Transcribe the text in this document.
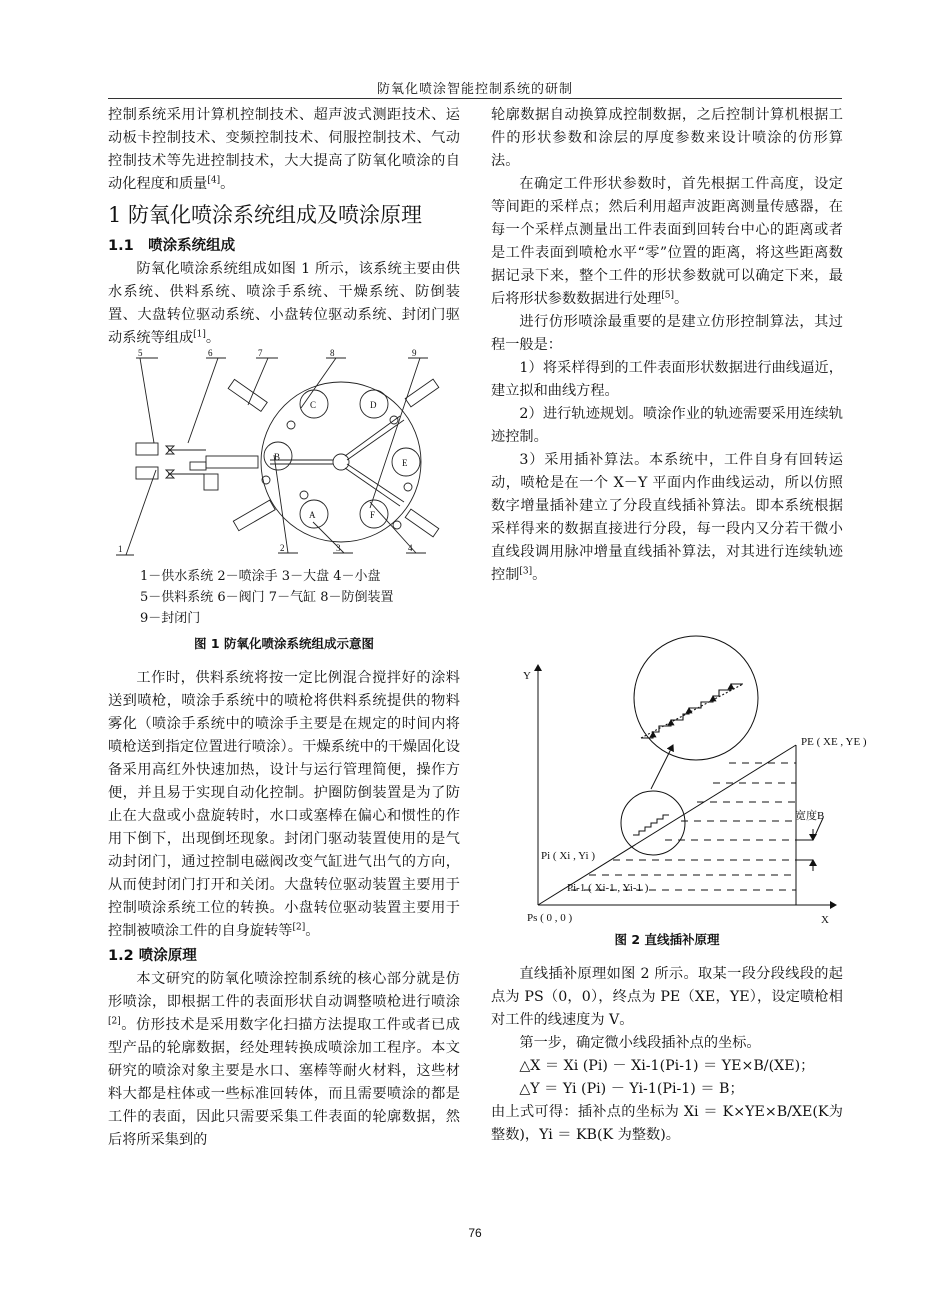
防氧化喷涂智能控制系统的研制

控制系统采用计算机控制技术、超声波式测距技术、运动板卡控制技术、变频控制技术、伺服控制技术、气动控制技术等先进控制技术，大大提高了防氧化喷涂的自动化程度和质量[4]。

1 防氧化喷涂系统组成及喷涂原理
1.1　喷涂系统组成

防氧化喷涂系统组成如图 1 所示，该系统主要由供水系统、供料系统、喷涂手系统、干燥系统、防倒装置、大盘转位驱动系统、小盘转位驱动系统、封闭门驱动系统等组成[1]。

5	6	7	8	9
1	2	3	4
A
B
C	D
E
F
1－供水系统 2－喷涂手 3－大盘 4－小盘
5－供料系统 6－阀门 7－气缸 8－防倒装置
9－封闭门
图 1 防氧化喷涂系统组成示意图

工作时，供料系统将按一定比例混合搅拌好的涂料送到喷枪，喷涂手系统中的喷枪将供料系统提供的物料雾化（喷涂手系统中的喷涂手主要是在规定的时间内将喷枪送到指定位置进行喷涂）。干燥系统中的干燥固化设备采用高红外快速加热，设计与运行管理简便，操作方便，并且易于实现自动化控制。护圈防倒装置是为了防止在大盘或小盘旋转时，水口或塞棒在偏心和惯性的作用下倒下，出现倒坯现象。封闭门驱动装置使用的是气动封闭门，通过控制电磁阀改变气缸进气出气的方向，从而使封闭门打开和关闭。大盘转位驱动装置主要用于控制喷涂系统工位的转换。小盘转位驱动装置主要用于控制被喷涂工件的自身旋转等[2]。

1.2 喷涂原理

本文研究的防氧化喷涂控制系统的核心部分就是仿形喷涂，即根据工件的表面形状自动调整喷枪进行喷涂[2]。仿形技术是采用数字化扫描方法提取工件或者已成型产品的轮廓数据，经处理转换成喷涂加工程序。本文研究的喷涂对象主要是水口、塞棒等耐火材料，这些材料大都是柱体或一些标准回转体，而且需要喷涂的都是工件的表面，因此只需要采集工件表面的轮廓数据，然后将所采集到的

轮廓数据自动换算成控制数据，之后控制计算机根据工件的形状参数和涂层的厚度参数来设计喷涂的仿形算法。

在确定工件形状参数时，首先根据工件高度，设定等间距的采样点；然后利用超声波距离测量传感器，在每一个采样点测量出工件表面到回转台中心的距离或者是工件表面到喷枪水平“零”位置的距离，将这些距离数据记录下来，整个工件的形状参数就可以确定下来，最后将形状参数数据进行处理[5]。

进行仿形喷涂最重要的是建立仿形控制算法，其过程一般是：

1）将采样得到的工件表面形状数据进行曲线逼近，建立拟和曲线方程。

2）进行轨迹规划。喷涂作业的轨迹需要采用连续轨迹控制。

3）采用插补算法。本系统中，工件自身有回转运动，喷枪是在一个 X－Y 平面内作曲线运动，所以仿照数字增量插补建立了分段直线插补算法。即本系统根据采样得来的数据直接进行分段，每一段内又分若干微小直线段调用脉冲增量直线插补算法，对其进行连续轨迹控制[3]。

Y
X
PE ( XE , YE )
宽度B
Pi ( Xi , Yi )
Pi-1 ( Xi-1 , Yi-1 )
Ps ( 0 , 0 )
图 2 直线插补原理

直线插补原理如图 2 所示。取某一段分段线段的起点为 PS（0，0），终点为 PE（XE，YE），设定喷枪相对工件的线速度为 V。

第一步，确定微小线段插补点的坐标。

△X ＝ Xi (Pi) － Xi-1(Pi-1) ＝ YE×B/(XE)；

△Y ＝ Yi (Pi) － Yi-1(Pi-1) ＝ B；

由上式可得：插补点的坐标为 Xi ＝ K×YE×B/XE(K为整数)，Yi ＝ KB(K 为整数)。

76
